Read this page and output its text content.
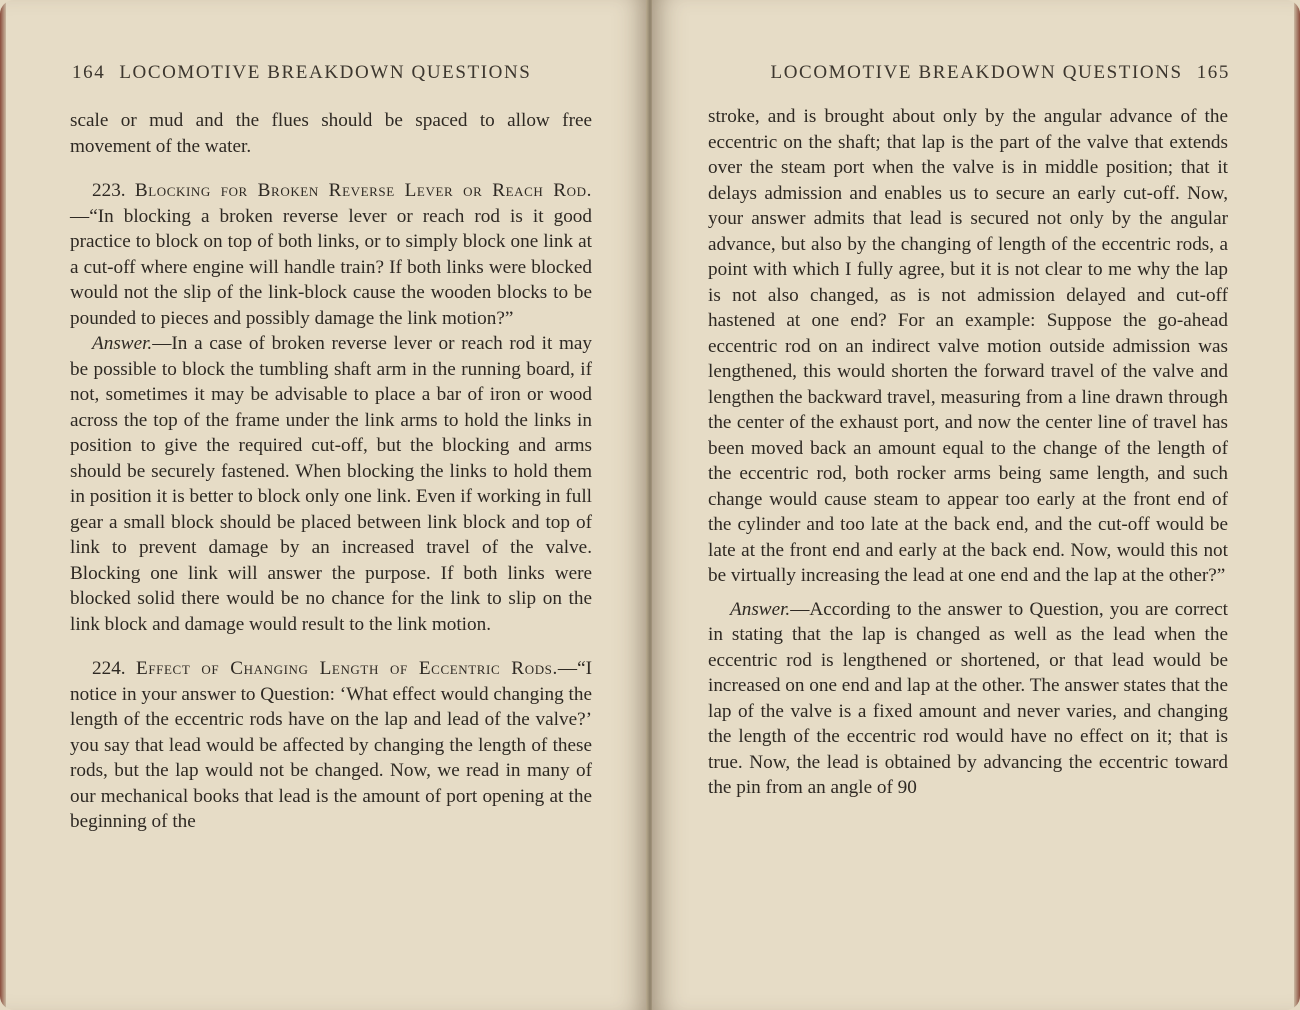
164 LOCOMOTIVE BREAKDOWN QUESTIONS

scale or mud and the flues should be spaced to allow free movement of the water.

223. Blocking for Broken Reverse Lever or Reach Rod.—“In blocking a broken reverse lever or reach rod is it good practice to block on top of both links, or to simply block one link at a cut-off where engine will handle train? If both links were blocked would not the slip of the link-block cause the wooden blocks to be pounded to pieces and possibly damage the link motion?”

Answer.—In a case of broken reverse lever or reach rod it may be possible to block the tumbling shaft arm in the running board, if not, sometimes it may be advisable to place a bar of iron or wood across the top of the frame under the link arms to hold the links in position to give the required cut-off, but the blocking and arms should be securely fastened. When blocking the links to hold them in position it is better to block only one link. Even if working in full gear a small block should be placed between link block and top of link to prevent damage by an increased travel of the valve. Blocking one link will answer the purpose. If both links were blocked solid there would be no chance for the link to slip on the link block and damage would result to the link motion.

224. Effect of Changing Length of Eccentric Rods.—“I notice in your answer to Question: ‘What effect would changing the length of the eccentric rods have on the lap and lead of the valve?’ you say that lead would be affected by changing the length of these rods, but the lap would not be changed. Now, we read in many of our mechanical books that lead is the amount of port opening at the beginning of the

LOCOMOTIVE BREAKDOWN QUESTIONS 165

stroke, and is brought about only by the angular advance of the eccentric on the shaft; that lap is the part of the valve that extends over the steam port when the valve is in middle position; that it delays admission and enables us to secure an early cut-off. Now, your answer admits that lead is secured not only by the angular advance, but also by the changing of length of the eccentric rods, a point with which I fully agree, but it is not clear to me why the lap is not also changed, as is not admission delayed and cut-off hastened at one end? For an example: Suppose the go-ahead eccentric rod on an indirect valve motion outside admission was lengthened, this would shorten the forward travel of the valve and lengthen the backward travel, measuring from a line drawn through the center of the exhaust port, and now the center line of travel has been moved back an amount equal to the change of the length of the eccentric rod, both rocker arms being same length, and such change would cause steam to appear too early at the front end of the cylinder and too late at the back end, and the cut-off would be late at the front end and early at the back end. Now, would this not be virtually increasing the lead at one end and the lap at the other?”

Answer.—According to the answer to Question, you are correct in stating that the lap is changed as well as the lead when the eccentric rod is lengthened or shortened, or that lead would be increased on one end and lap at the other. The answer states that the lap of the valve is a fixed amount and never varies, and changing the length of the eccentric rod would have no effect on it; that is true. Now, the lead is obtained by advancing the eccentric toward the pin from an angle of 90
